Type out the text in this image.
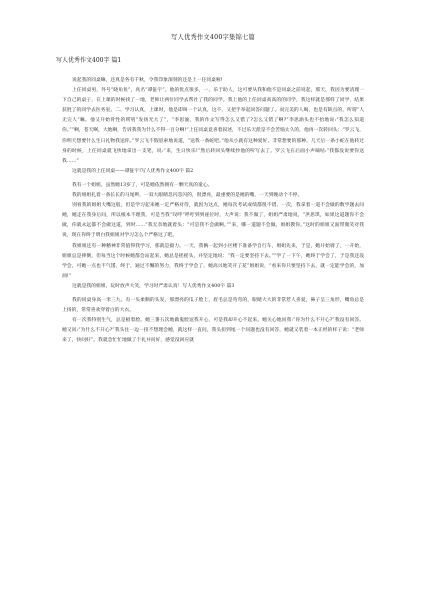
写人优秀作文400字集锦七篇
写人优秀作文400字 篇1

说起我的同桌嘛，还真是各有千秋，令我印象深刻的还是上一任同桌啦!

上任同桌男，外号“晓角鱼”，真名“谭钲宇”。他的优点很多，一、乐于助人，这可要从我和他不是同桌之前说起，那天，我因为要清理一下自己的桌子，在上课的时候找了一地，老师让两位同学去帮社了我的同学。我上他的上任同桌高高的的同学，我这样就是那样了同学，结果获胜了的同学去医务室。二、学习认真，上课时，他是即叫一个认真，这不，又把手举起回答问题了。而完美的人喝，也是有缺点的，所谓“人无完人”嘛。他又开始骨性的唠叨“发扬光大了”，“李思渝，我的作文写得怎么又错了?怎么又错了啊?”李思渝头也不抬地说:“我怎么知道你。”“啊，苍天啊，大地啊，告诉我我为什么不得一百分啊!”上任同桌竟喜着叙述，不过乐天派是不会苦恼太久的，他再一次转回头：“罗云飞，你明天想要什么生日礼物我送你。”罗云飞不假思索地说道，“送我一条蛇吧。”他从小就有这种爱好，非常想要的那种。几天后一条小蛇在他转过身的时候，上任同桌就飞快地拿出一支笔，说:“来，生日快乐!”然后转回头继续抄他的听写去了。罗云飞在后面小声嘀咕:“我都没说要你送我……”

这就是我的上任同桌——谭钲宇!写人优秀作文400字 篇2

我有一个姐姐，虽然她13岁了，可是她依然拥有一颗天真的童心。

我的姐姐扎着一条长长的马尾辫，一双大眼睛忽闪忽闪的，很漂亮，最重要的是她的嘴，一天到晚动个不停。

别看我的姐姐大嘴这般，但是学习起来她一定严格对待，就因为这点，她每次考试成绩都很不错。一次，我拿着一道不会做的数学题去问她，她走在我身后问，所以根本不理我，可是当我“叹呼”呼吁到到座位时，大声说：我不做了，姐姐严肃地说，“洪思琪，如果这道题你不会做，你就永远都不会做这道，到时……”我无奈地就着头：“可是我不会做啊。”“来，哪一道题不会做，姐姐教你。”这时的姐姐又面带微笑对我说，现在你终于明白我姐姐对学习怎么个严格这了吧。

我姐姐还有一种精神非常值得我学习，那就是毅力。一天，我俩一起到小区楼下准备学自行车，姐姐先来，于是，她开始骑了，一开始，姐姐总是摔倒，但每当这个时候她都会站起来，她总是摇摇头，并坚定地说：“我一定要坚持下去。”“学了一下午，她终于学会了，于是我还没学会，可她一点也不气馁，终于，通过不懈的努力，我终于学会了，她高兴地笑开了花”姐姐说，“看来你只要坚持下去，就一定能学会的，加油!”

这就是我的姐姐，玩时放声大笑，学习时严肃认真！写人优秀作文400字 篇3

我的同桌身高一米三九，有一头柔顺的头发，那漂亮的瓜子脸上，眉毛总是弯弯的，眼睛大大的非常惹人喜爱，鼻子呈三角形，嘴角总是上扬的，常常喜欢穿着白的大衣。

有一次我特别生气，总是板着脸。她三番五次地做鬼脸逗我开心，可是我却开心不起来。她关心地问我:“你为什么不开心?”我没有回答。她又问:“为什么不开心?”我头往一边一扭不想理会她，就这样一直问，我头扭到尾一个问题也没有回答，她就又装着一本正经的样子说：“老师来了，快问好”。我就急忙忙地做了个礼并问好，感觉没回应就
